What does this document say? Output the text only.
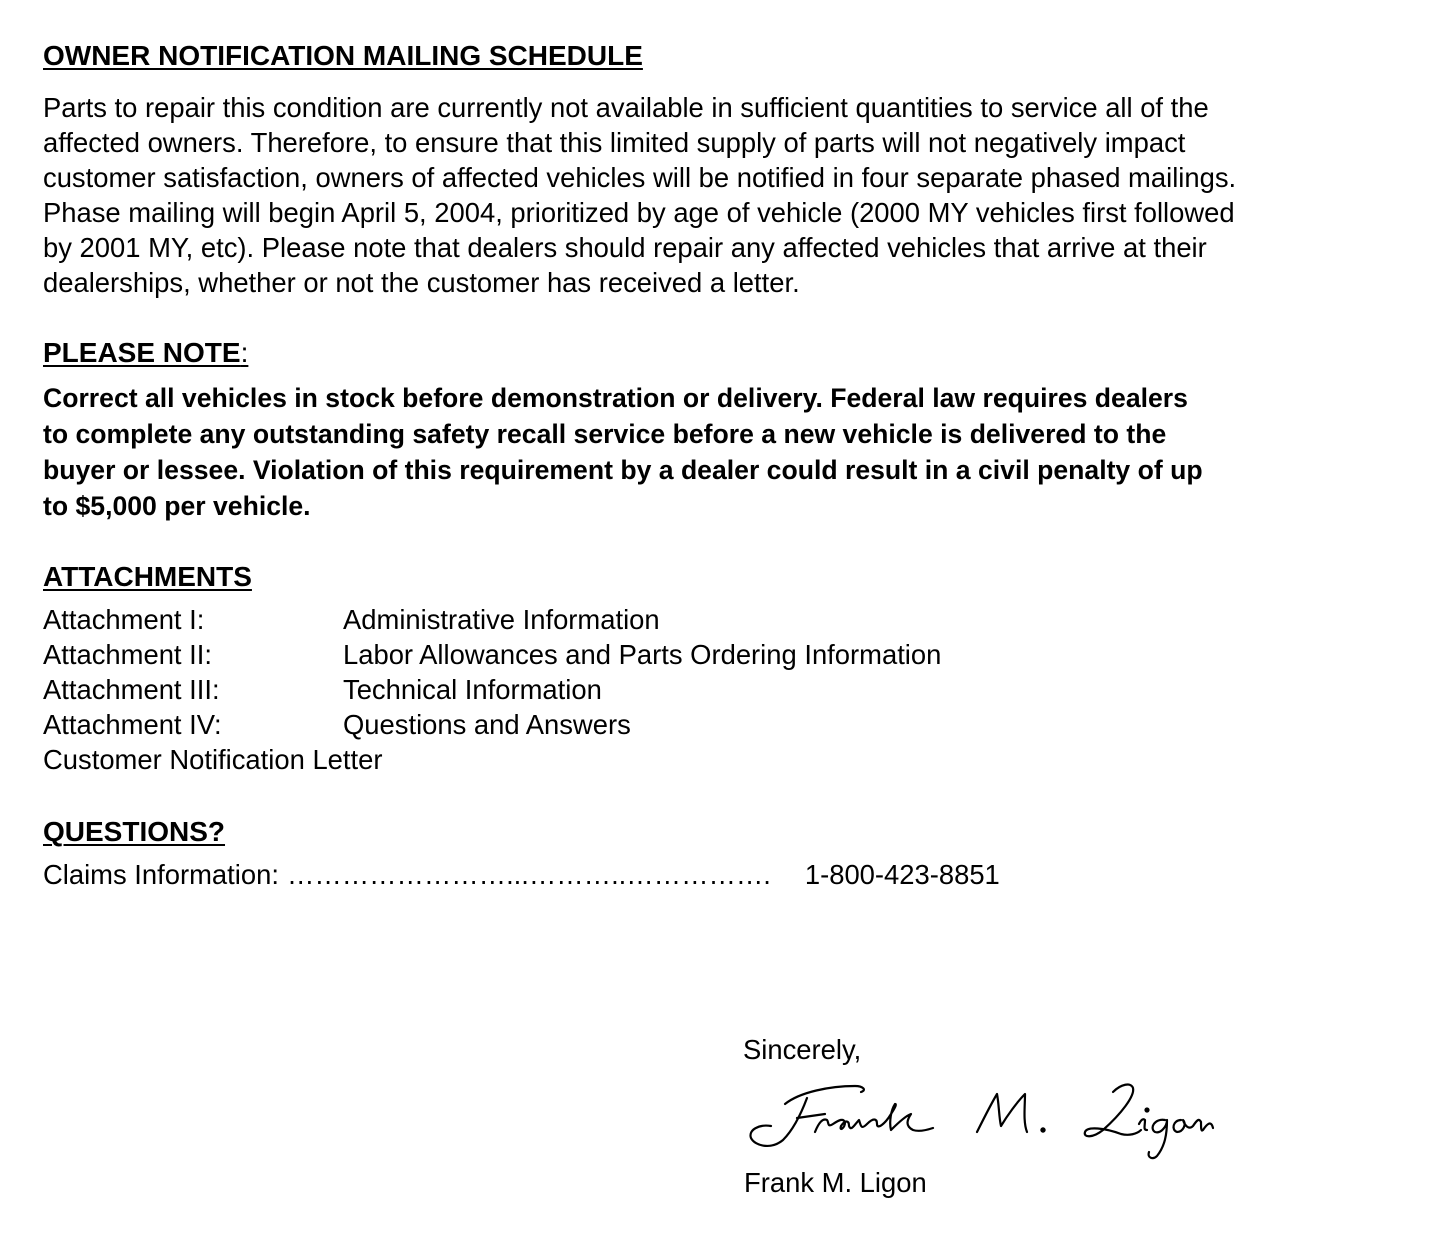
OWNER NOTIFICATION MAILING SCHEDULE

Parts to repair this condition are currently not available in sufficient quantities to service all of the
affected owners. Therefore, to ensure that this limited supply of parts will not negatively impact
customer satisfaction, owners of affected vehicles will be notified in four separate phased mailings.
Phase mailing will begin April 5, 2004, prioritized by age of vehicle (2000 MY vehicles first followed
by 2001 MY, etc). Please note that dealers should repair any affected vehicles that arrive at their
dealerships, whether or not the customer has received a letter.

PLEASE NOTE:

Correct all vehicles in stock before demonstration or delivery. Federal law requires dealers
to complete any outstanding safety recall service before a new vehicle is delivered to the
buyer or lessee. Violation of this requirement by a dealer could result in a civil penalty of up
to $5,000 per vehicle.

ATTACHMENTS

Attachment I:	Administrative Information
Attachment II:	Labor Allowances and Parts Ordering Information
Attachment III:	Technical Information
Attachment IV:	Questions and Answers
Customer Notification Letter

QUESTIONS?

Claims Information: ……………………...………..……………. 1-800-423-8851
Sincerely,
Frank M. Ligon
